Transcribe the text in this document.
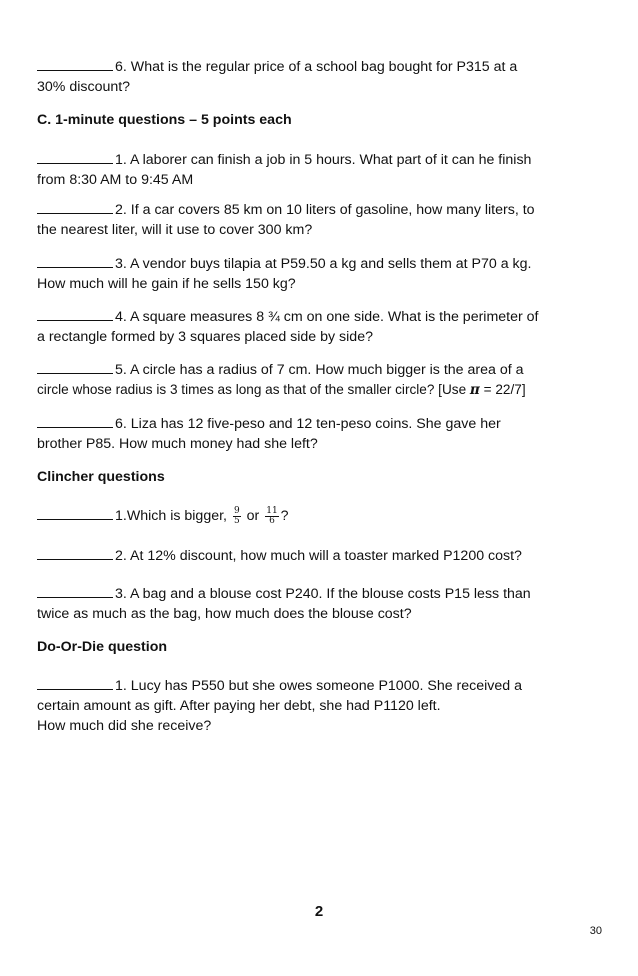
6. What is the regular price of a school bag bought for P315 at a
30% discount?
C. 1-minute questions – 5 points each
1. A laborer can finish a job in 5 hours. What part of it can he finish
from 8:30 AM to 9:45 AM
2. If a car covers 85 km on 10 liters of gasoline, how many liters, to
the nearest liter, will it use to cover 300 km?
3. A vendor buys tilapia at P59.50 a kg and sells them at P70 a kg.
How much will he gain if he sells 150 kg?
4. A square measures 8 ¾ cm on one side. What is the perimeter of
a rectangle formed by 3 squares placed side by side?
5. A circle has a radius of 7 cm. How much bigger is the area of a
circle whose radius is 3 times as long as that of the smaller circle? [Use π = 22/7]
6. Liza has 12 five-peso and 12 ten-peso coins. She gave her
brother P85. How much money had she left?
Clincher questions
1.Which is bigger, $\frac{9}{5}$ or $\frac{11}{6}$ ?
2. At 12% discount, how much will a toaster marked P1200 cost?
3. A bag and a blouse cost P240. If the blouse costs P15 less than
twice as much as the bag, how much does the blouse cost?
Do-Or-Die question
1. Lucy has P550 but she owes someone P1000. She received a
certain amount as gift. After paying her debt, she had P1120 left.
How much did she receive?
2
30
